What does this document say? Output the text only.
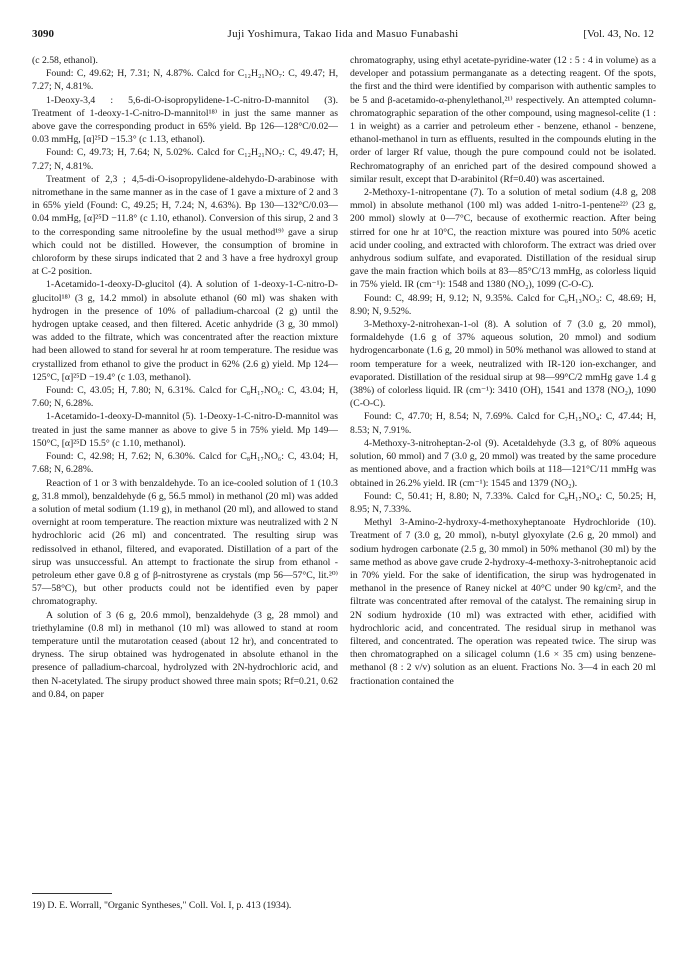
3090	Juji Yoshimura, Takao Iida and Masuo Funabashi	[Vol. 43, No. 12

(c 2.58, ethanol).

Found: C, 49.62; H, 7.31; N, 4.87%. Calcd for C₁₂H₂₁NO₇: C, 49.47; H, 7.27; N, 4.81%.

1-Deoxy-3,4 : 5,6-di-O-isopropylidene-1-C-nitro-D-mannitol (3). Treatment of 1-deoxy-1-C-nitro-D-mannitol¹⁸⁾ in just the same manner as above gave the corresponding product in 65% yield. Bp 126—128°C/0.02—0.03 mmHg, [α]²⁵D −15.3° (c 1.13, ethanol).

Found: C, 49.73; H, 7.64; N, 5.02%. Calcd for C₁₂H₂₁NO₇: C, 49.47; H, 7.27; N, 4.81%.

Treatment of 2,3 ; 4,5-di-O-isopropylidene-aldehydo-D-arabinose with nitromethane in the same manner as in the case of 1 gave a mixture of 2 and 3 in 65% yield (Found: C, 49.25; H, 7.24; N, 4.63%). Bp 130—132°C/0.03—0.04 mmHg, [α]²⁵D −11.8° (c 1.10, ethanol). Conversion of this sirup, 2 and 3 to the corresponding same nitroolefine by the usual method¹⁹⁾ gave a sirup which could not be distilled. However, the consumption of bromine in chloroform by these sirups indicated that 2 and 3 have a free hydroxyl group at C-2 position.

1-Acetamido-1-deoxy-D-glucitol (4). A solution of 1-deoxy-1-C-nitro-D-glucitol¹⁸⁾ (3 g, 14.2 mmol) in absolute ethanol (60 ml) was shaken with hydrogen in the presence of 10% of palladium-charcoal (2 g) until the hydrogen uptake ceased, and then filtered. Acetic anhydride (3 g, 30 mmol) was added to the filtrate, which was concentrated after the reaction mixture had been allowed to stand for several hr at room temperature. The residue was crystallized from ethanol to give the product in 62% (2.6 g) yield. Mp 124—125°C, [α]²⁵D −19.4° (c 1.03, methanol).

Found: C, 43.05; H, 7.80; N, 6.31%. Calcd for C₈H₁₇NO₆: C, 43.04; H, 7.60; N, 6.28%.

1-Acetamido-1-deoxy-D-mannitol (5). 1-Deoxy-1-C-nitro-D-mannitol was treated in just the same manner as above to give 5 in 75% yield. Mp 149—150°C, [α]²⁵D 15.5° (c 1.10, methanol).

Found: C, 42.98; H, 7.62; N, 6.30%. Calcd for C₈H₁₇NO₆: C, 43.04; H, 7.68; N, 6.28%.

Reaction of 1 or 3 with benzaldehyde. To an ice-cooled solution of 1 (10.3 g, 31.8 mmol), benzaldehyde (6 g, 56.5 mmol) in methanol (20 ml) was added a solution of metal sodium (1.19 g), in methanol (20 ml), and allowed to stand overnight at room temperature. The reaction mixture was neutralized with 2 N hydrochloric acid (26 ml) and concentrated. The resulting sirup was redissolved in ethanol, filtered, and evaporated. Distillation of a part of the sirup was unsuccessful. An attempt to fractionate the sirup from ethanol - petroleum ether gave 0.8 g of β-nitrostyrene as crystals (mp 56—57°C, lit.²⁰⁾ 57—58°C), but other products could not be identified even by paper chromatography.

A solution of 3 (6 g, 20.6 mmol), benzaldehyde (3 g, 28 mmol) and triethylamine (0.8 ml) in methanol (10 ml) was allowed to stand at room temperature until the mutarotation ceased (about 12 hr), and concentrated to dryness. The sirup obtained was hydrogenated in absolute ethanol in the presence of palladium-charcoal, hydrolyzed with 2N-hydrochloric acid, and then N-acetylated. The sirupy product showed three main spots; Rf=0.21, 0.62 and 0.84, on paper

chromatography, using ethyl acetate-pyridine-water (12 : 5 : 4 in volume) as a developer and potassium permanganate as a detecting reagent. Of the spots, the first and the third were identified by comparison with authentic samples to be 5 and β-acetamido-α-phenylethanol,²¹⁾ respectively. An attempted column-chromatographic separation of the other compound, using magnesol-celite (1 : 1 in weight) as a carrier and petroleum ether - benzene, ethanol - benzene, ethanol-methanol in turn as effluents, resulted in the compounds eluting in the order of larger Rf value, though the pure compound could not be isolated. Rechromatography of an enriched part of the desired compound showed a similar result, except that D-arabinitol (Rf=0.40) was ascertained.

2-Methoxy-1-nitropentane (7). To a solution of metal sodium (4.8 g, 208 mmol) in absolute methanol (100 ml) was added 1-nitro-1-pentene²²⁾ (23 g, 200 mmol) slowly at 0—7°C, because of exothermic reaction. After being stirred for one hr at 10°C, the reaction mixture was poured into 50% acetic acid under cooling, and extracted with chloroform. The extract was dried over anhydrous sodium sulfate, and evaporated. Distillation of the residual sirup gave the main fraction which boils at 83—85°C/13 mmHg, as colorless liquid in 75% yield. IR (cm⁻¹): 1548 and 1380 (NO₂), 1099 (C-O-C).

Found: C, 48.99; H, 9.12; N, 9.35%. Calcd for C₆H₁₃NO₃: C, 48.69; H, 8.90; N, 9.52%.

3-Methoxy-2-nitrohexan-1-ol (8). A solution of 7 (3.0 g, 20 mmol), formaldehyde (1.6 g of 37% aqueous solution, 20 mmol) and sodium hydrogencarbonate (1.6 g, 20 mmol) in 50% methanol was allowed to stand at room temperature for a week, neutralized with IR-120 ion-exchanger, and evaporated. Distillation of the residual sirup at 98—99°C/2 mmHg gave 1.4 g (38%) of colorless liquid. IR (cm⁻¹): 3410 (OH), 1541 and 1378 (NO₂), 1090 (C-O-C).

Found: C, 47.70; H, 8.54; N, 7.69%. Calcd for C₇H₁₅NO₄: C, 47.44; H, 8.53; N, 7.91%.

4-Methoxy-3-nitroheptan-2-ol (9). Acetaldehyde (3.3 g, of 80% aqueous solution, 60 mmol) and 7 (3.0 g, 20 mmol) was treated by the same procedure as mentioned above, and a fraction which boils at 118—121°C/11 mmHg was obtained in 26.2% yield. IR (cm⁻¹): 1545 and 1379 (NO₂).

Found: C, 50.41; H, 8.80; N, 7.33%. Calcd for C₈H₁₇NO₄: C, 50.25; H, 8.95; N, 7.33%.

Methyl 3-Amino-2-hydroxy-4-methoxyheptanoate Hydrochloride (10). Treatment of 7 (3.0 g, 20 mmol), n-butyl glyoxylate (2.6 g, 20 mmol) and sodium hydrogen carbonate (2.5 g, 30 mmol) in 50% methanol (30 ml) by the same method as above gave crude 2-hydroxy-4-methoxy-3-nitroheptanoic acid in 70% yield. For the sake of identification, the sirup was hydrogenated in methanol in the presence of Raney nickel at 40°C under 90 kg/cm², and the filtrate was concentrated after removal of the catalyst. The remaining sirup in 2N sodium hydroxide (10 ml) was extracted with ether, acidified with hydrochloric acid, and concentrated. The residual sirup in methanol was filtered, and concentrated. The operation was repeated twice. The sirup was then chromatographed on a silicagel column (1.6 × 35 cm) using benzene-methanol (8 : 2 v/v) solution as an eluent. Fractions No. 3—4 in each 20 ml fractionation contained the

19) D. E. Worrall, "Organic Syntheses," Coll. Vol. I, p. 413 (1934).
